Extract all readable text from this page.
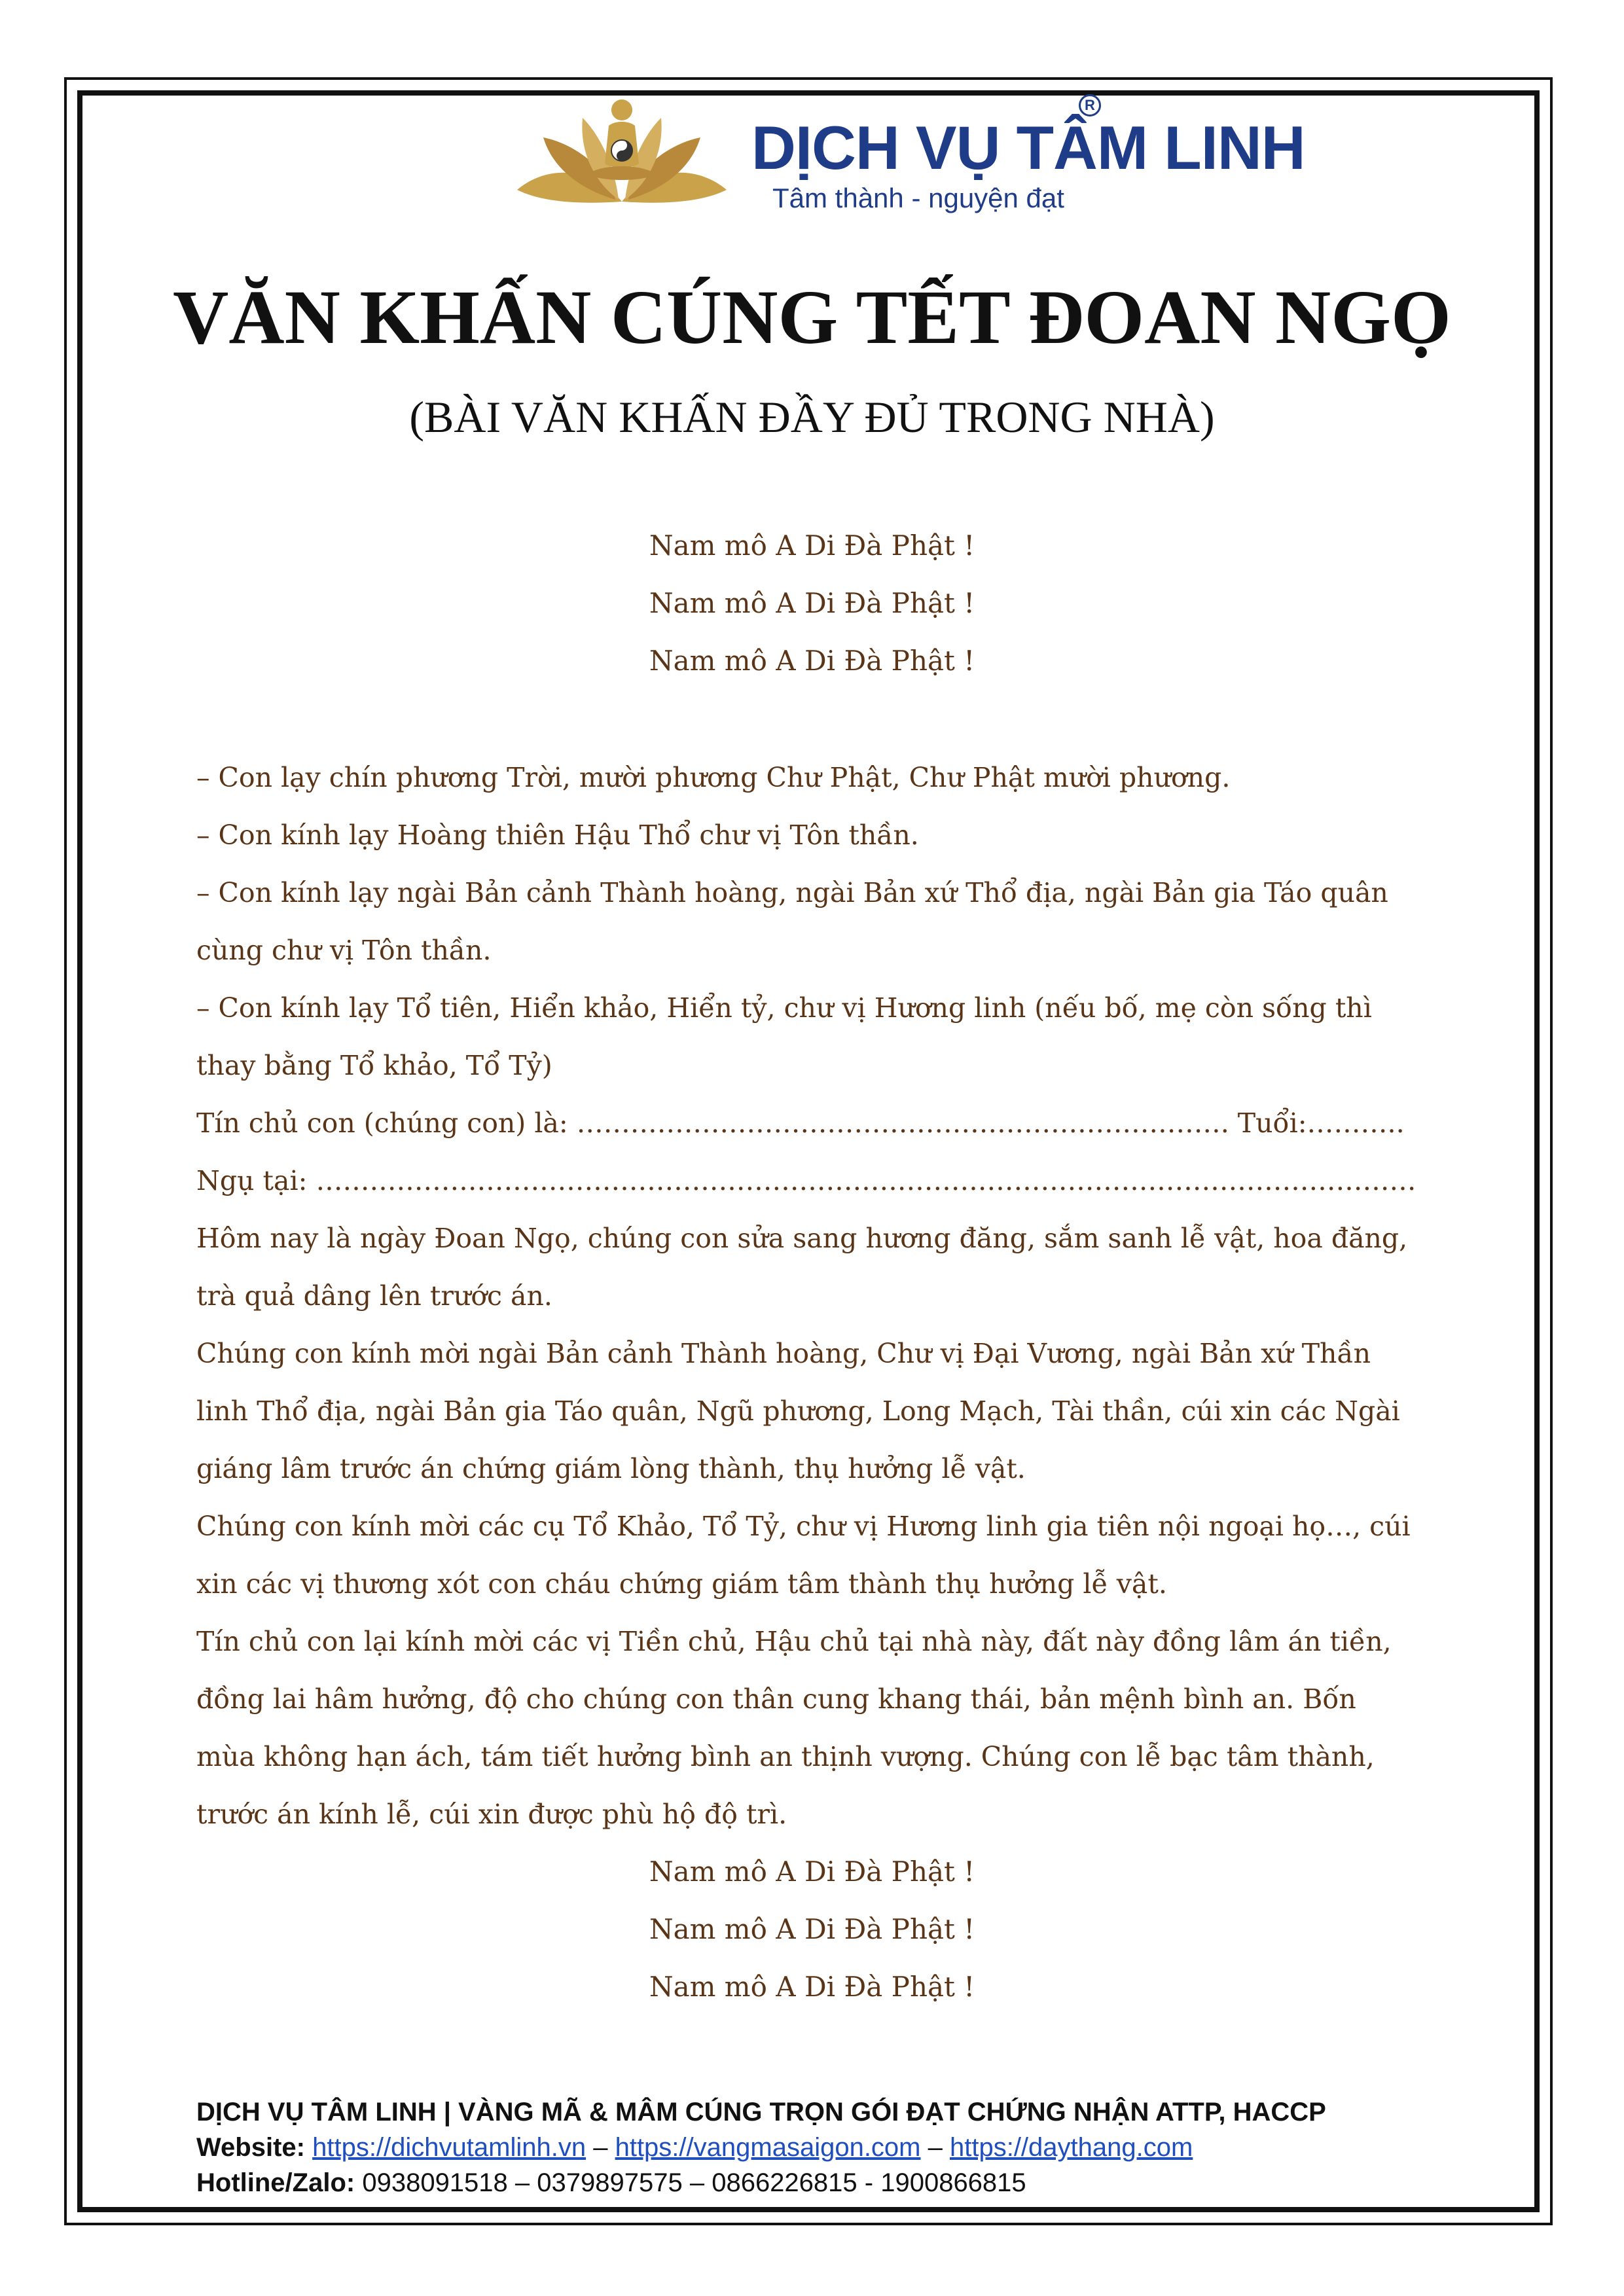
DỊCH VỤ TÂM LINH
R
Tâm thành - nguyện đạt
VĂN KHẤN CÚNG TẾT ĐOAN NGỌ
(BÀI VĂN KHẤN ĐẦY ĐỦ TRONG NHÀ)
Nam mô A Di Đà Phật !
Nam mô A Di Đà Phật !
Nam mô A Di Đà Phật !
– Con lạy chín phương Trời, mười phương Chư Phật, Chư Phật mười phương.
– Con kính lạy Hoàng thiên Hậu Thổ chư vị Tôn thần.
– Con kính lạy ngài Bản cảnh Thành hoàng, ngài Bản xứ Thổ địa, ngài Bản gia Táo quân
cùng chư vị Tôn thần.
– Con kính lạy Tổ tiên, Hiển khảo, Hiển tỷ, chư vị Hương linh (nếu bố, mẹ còn sống thì
thay bằng Tổ khảo, Tổ Tỷ)
Tín chủ con (chúng con) là: ………………………………………………………………. Tuổi:………..
Ngụ tại: ……………………………………………………………………………………………………………
Hôm nay là ngày Đoan Ngọ, chúng con sửa sang hương đăng, sắm sanh lễ vật, hoa đăng,
trà quả dâng lên trước án.
Chúng con kính mời ngài Bản cảnh Thành hoàng, Chư vị Đại Vương, ngài Bản xứ Thần
linh Thổ địa, ngài Bản gia Táo quân, Ngũ phương, Long Mạch, Tài thần, cúi xin các Ngài
giáng lâm trước án chứng giám lòng thành, thụ hưởng lễ vật.
Chúng con kính mời các cụ Tổ Khảo, Tổ Tỷ, chư vị Hương linh gia tiên nội ngoại họ…, cúi
xin các vị thương xót con cháu chứng giám tâm thành thụ hưởng lễ vật.
Tín chủ con lại kính mời các vị Tiền chủ, Hậu chủ tại nhà này, đất này đồng lâm án tiền,
đồng lai hâm hưởng, độ cho chúng con thân cung khang thái, bản mệnh bình an. Bốn
mùa không hạn ách, tám tiết hưởng bình an thịnh vượng. Chúng con lễ bạc tâm thành,
trước án kính lễ, cúi xin được phù hộ độ trì.
Nam mô A Di Đà Phật !
Nam mô A Di Đà Phật !
Nam mô A Di Đà Phật !
DỊCH VỤ TÂM LINH | VÀNG MÃ & MÂM CÚNG TRỌN GÓI ĐẠT CHỨNG NHẬN ATTP, HACCP
Website: https://dichvutamlinh.vn – https://vangmasaigon.com – https://daythang.com
Hotline/Zalo: 0938091518 – 0379897575 – 0866226815 - 1900866815
